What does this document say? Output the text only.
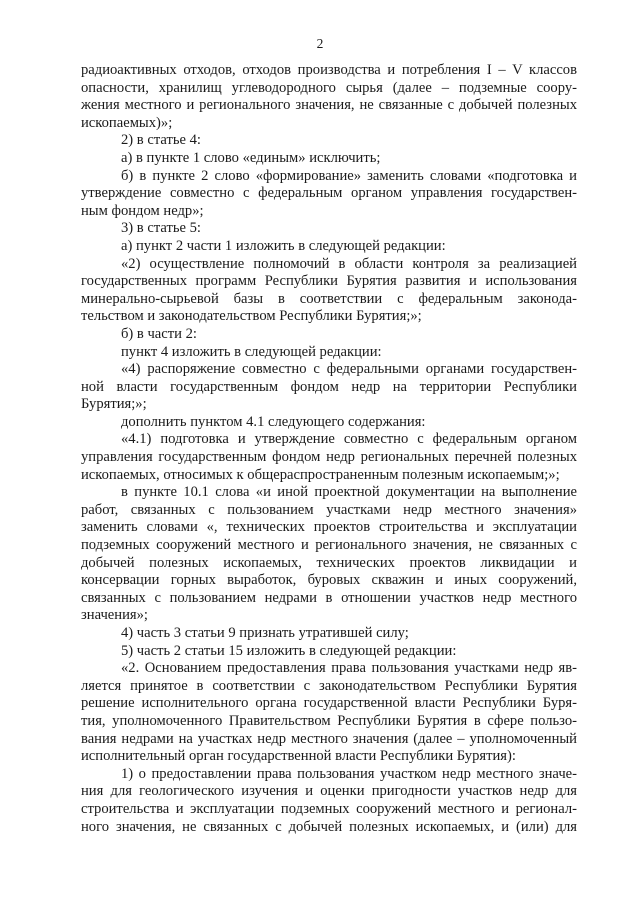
2
радиоактивных отходов, отходов производства и потребления I – V классов
опасности, хранилищ углеводородного сырья (далее – подземные соору-
жения местного и регионального значения, не связанные с добычей полезных
ископаемых)»;
2) в статье 4:
а) в пункте 1 слово «единым» исключить;
б) в пункте 2 слово «формирование» заменить словами «подготовка и
утверждение совместно с федеральным органом управления государствен-
ным фондом недр»;
3) в статье 5:
а) пункт 2 части 1 изложить в следующей редакции:
«2) осуществление полномочий в области контроля за реализацией
государственных программ Республики Бурятия развития и использования
минерально-сырьевой базы в соответствии с федеральным законода-
тельством и законодательством Республики Бурятия;»;
б) в части 2:
пункт 4 изложить в следующей редакции:
«4) распоряжение совместно с федеральными органами государствен-
ной власти государственным фондом недр на территории Республики
Бурятия;»;
дополнить пунктом 4.1 следующего содержания:
«4.1) подготовка и утверждение совместно с федеральным органом
управления государственным фондом недр региональных перечней полезных
ископаемых, относимых к общераспространенным полезным ископаемым;»;
в пункте 10.1 слова «и иной проектной документации на выполнение
работ, связанных с пользованием участками недр местного значения»
заменить словами «, технических проектов строительства и эксплуатации
подземных сооружений местного и регионального значения, не связанных с
добычей полезных ископаемых, технических проектов ликвидации и
консервации горных выработок, буровых скважин и иных сооружений,
связанных с пользованием недрами в отношении участков недр местного
значения»;
4) часть 3 статьи 9 признать утратившей силу;
5) часть 2 статьи 15 изложить в следующей редакции:
«2. Основанием предоставления права пользования участками недр яв-
ляется принятое в соответствии с законодательством Республики Бурятия
решение исполнительного органа государственной власти Республики Буря-
тия, уполномоченного Правительством Республики Бурятия в сфере пользо-
вания недрами на участках недр местного значения (далее – уполномоченный
исполнительный орган государственной власти Республики Бурятия):
1) о предоставлении права пользования участком недр местного значе-
ния для геологического изучения и оценки пригодности участков недр для
строительства и эксплуатации подземных сооружений местного и регионал-
ного значения, не связанных с добычей полезных ископаемых, и (или) для
